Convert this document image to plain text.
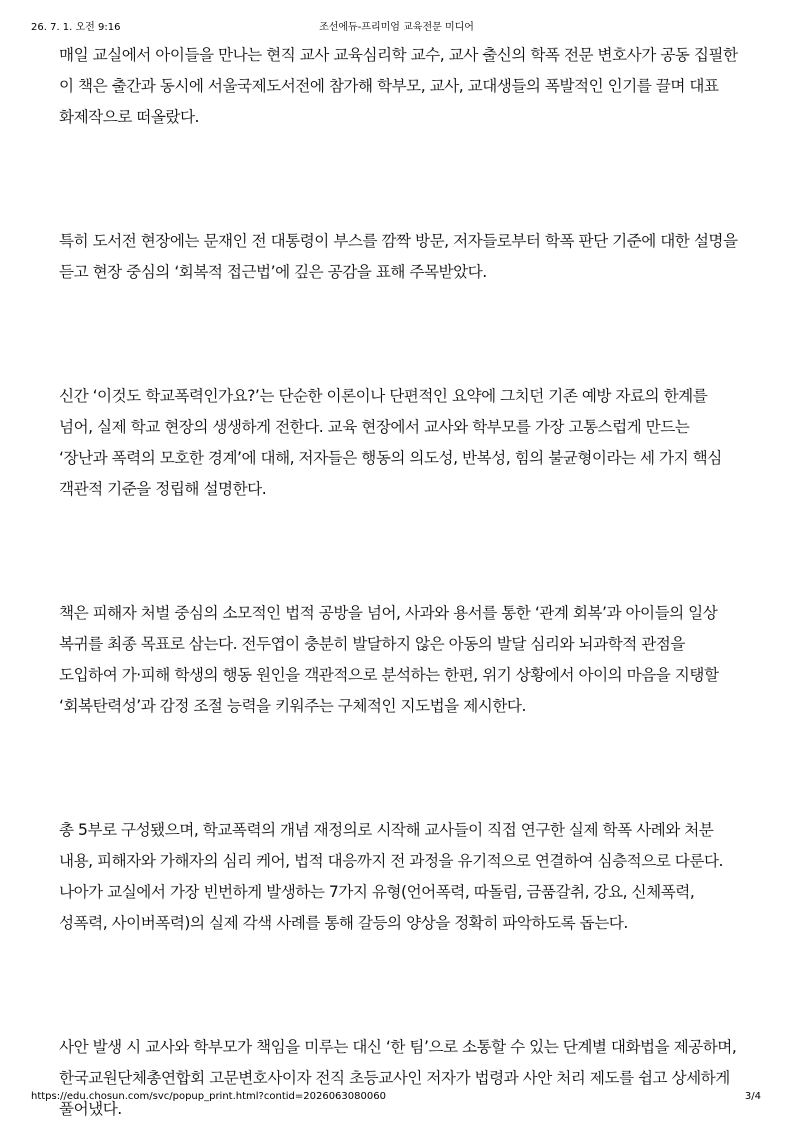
26. 7. 1. 오전 9:16	조선에듀-프리미엄 교육전문 미디어

매일 교실에서 아이들을 만나는 현직 교사 교육심리학 교수, 교사 출신의 학폭 전문 변호사가 공동 집필한 이 책은 출간과 동시에 서울국제도서전에 참가해 학부모, 교사, 교대생들의 폭발적인 인기를 끌며 대표 화제작으로 떠올랐다.

특히 도서전 현장에는 문재인 전 대통령이 부스를 깜짝 방문, 저자들로부터 학폭 판단 기준에 대한 설명을 듣고 현장 중심의 ‘회복적 접근법’에 깊은 공감을 표해 주목받았다.

신간 ‘이것도 학교폭력인가요?’는 단순한 이론이나 단편적인 요약에 그치던 기존 예방 자료의 한계를 넘어, 실제 학교 현장의 생생하게 전한다. 교육 현장에서 교사와 학부모를 가장 고통스럽게 만드는 ‘장난과 폭력의 모호한 경계’에 대해, 저자들은 행동의 의도성, 반복성, 힘의 불균형이라는 세 가지 핵심 객관적 기준을 정립해 설명한다.

책은 피해자 처벌 중심의 소모적인 법적 공방을 넘어, 사과와 용서를 통한 ‘관계 회복’과 아이들의 일상 복귀를 최종 목표로 삼는다. 전두엽이 충분히 발달하지 않은 아동의 발달 심리와 뇌과학적 관점을 도입하여 가·피해 학생의 행동 원인을 객관적으로 분석하는 한편, 위기 상황에서 아이의 마음을 지탱할 ‘회복탄력성’과 감정 조절 능력을 키워주는 구체적인 지도법을 제시한다.

총 5부로 구성됐으며, 학교폭력의 개념 재정의로 시작해 교사들이 직접 연구한 실제 학폭 사례와 처분 내용, 피해자와 가해자의 심리 케어, 법적 대응까지 전 과정을 유기적으로 연결하여 심층적으로 다룬다. 나아가 교실에서 가장 빈번하게 발생하는 7가지 유형(언어폭력, 따돌림, 금품갈취, 강요, 신체폭력, 성폭력, 사이버폭력)의 실제 각색 사례를 통해 갈등의 양상을 정확히 파악하도록 돕는다.

사안 발생 시 교사와 학부모가 책임을 미루는 대신 ‘한 팀’으로 소통할 수 있는 단계별 대화법을 제공하며, 한국교원단체총연합회 고문변호사이자 전직 초등교사인 저자가 법령과 사안 처리 제도를 쉽고 상세하게 풀어냈다.

https://edu.chosun.com/svc/popup_print.html?contid=2026063080060	3/4
